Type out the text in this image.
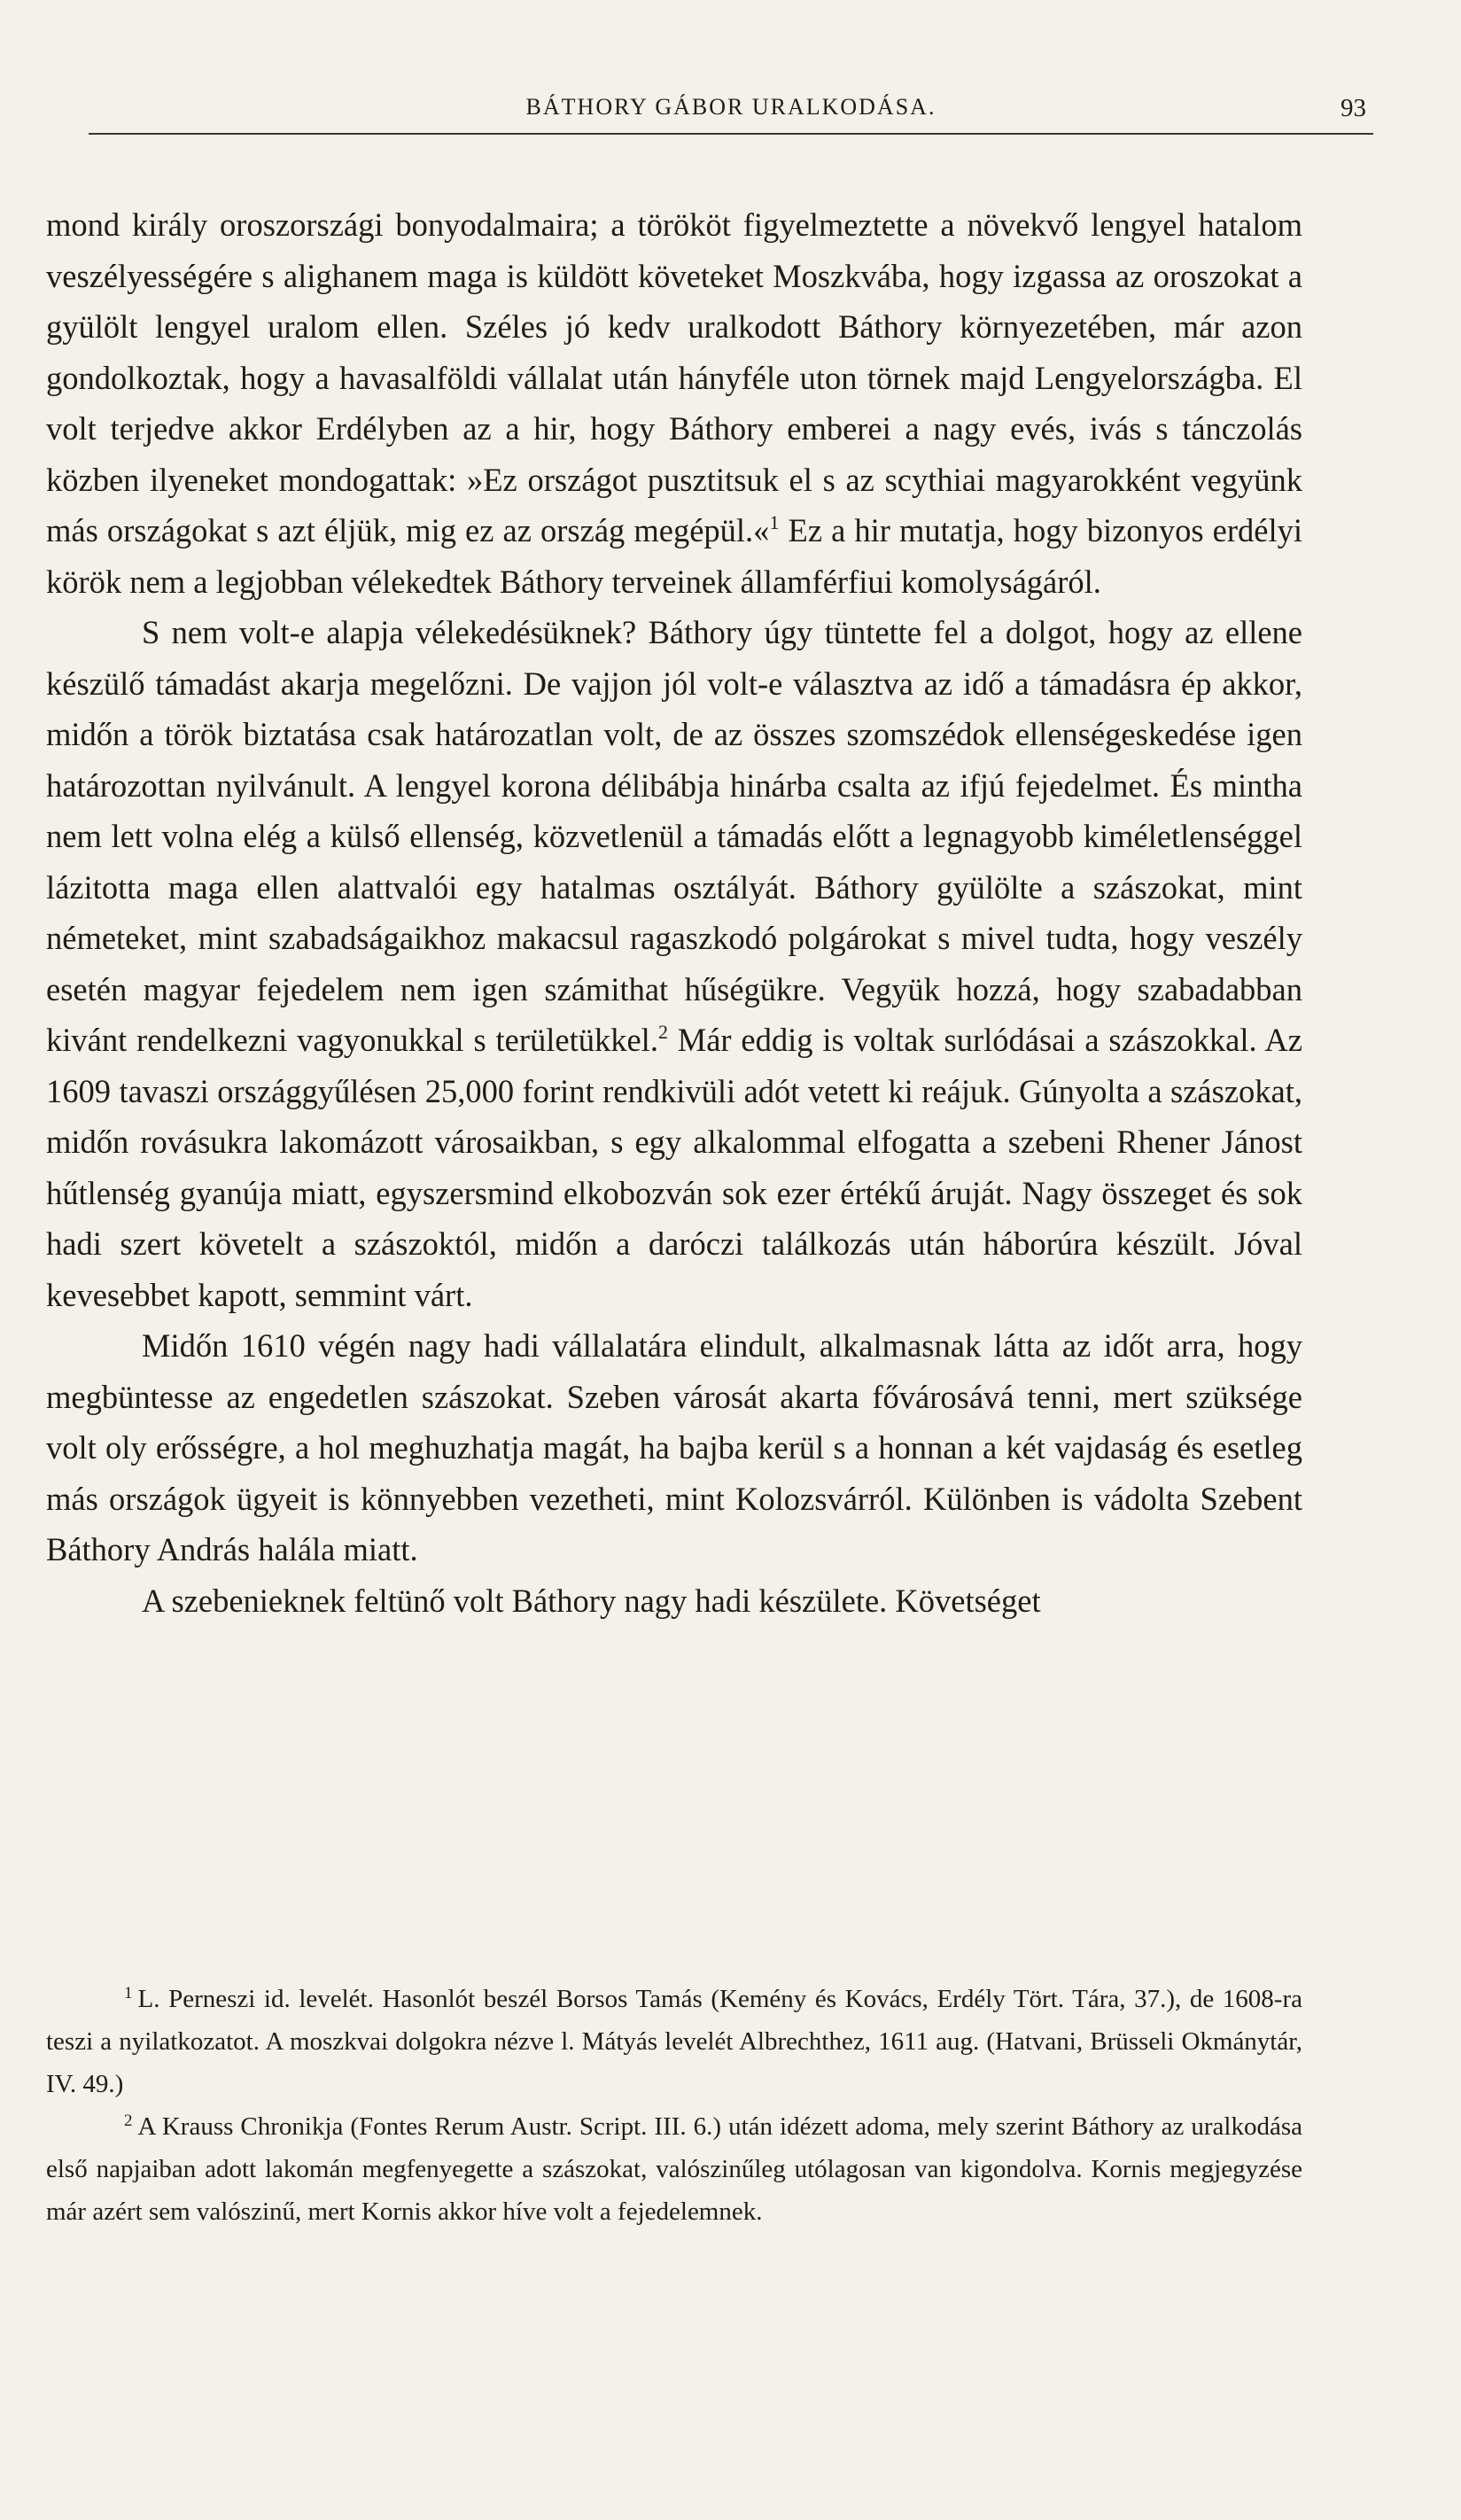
BÁTHORY GÁBOR URALKODÁSA.	93

mond király oroszországi bonyodalmaira; a törököt figyelmeztette a növekvő lengyel hatalom veszélyességére s alighanem maga is küldött követeket Moszkvába, hogy izgassa az oroszokat a gyülölt lengyel uralom ellen. Széles jó kedv uralkodott Báthory környezetében, már azon gondolkoztak, hogy a havasalföldi vállalat után hányféle uton törnek majd Lengyelországba. El volt terjedve akkor Erdélyben az a hir, hogy Báthory emberei a nagy evés, ivás s tánczolás közben ilyeneket mondogattak: »Ez országot pusztitsuk el s az scythiai magyarokként vegyünk más országokat s azt éljük, mig ez az ország megépül.«$^1$ Ez a hir mutatja, hogy bizonyos erdélyi körök nem a legjobban vélekedtek Báthory terveinek államférfiui komolyságáról.

S nem volt-e alapja vélekedésüknek? Báthory úgy tüntette fel a dolgot, hogy az ellene készülő támadást akarja megelőzni. De vajjon jól volt-e választva az idő a támadásra ép akkor, midőn a török biztatása csak határozatlan volt, de az összes szomszédok ellenségeskedése igen határozottan nyilvánult. A lengyel korona délibábja hinárba csalta az ifjú fejedelmet. És mintha nem lett volna elég a külső ellenség, közvetlenül a támadás előtt a legnagyobb kiméletlenséggel lázitotta maga ellen alattvalói egy hatalmas osztályát. Báthory gyülölte a szászokat, mint németeket, mint szabadságaikhoz makacsul ragaszkodó polgárokat s mivel tudta, hogy veszély esetén magyar fejedelem nem igen számithat hűségükre. Vegyük hozzá, hogy szabadabban kivánt rendelkezni vagyonukkal s területükkel.$^2$ Már eddig is voltak surlódásai a szászokkal. Az 1609 tavaszi országgyűlésen 25,000 forint rendkivüli adót vetett ki reájuk. Gúnyolta a szászokat, midőn rovásukra lakomázott városaikban, s egy alkalommal elfogatta a szebeni Rhener Jánost hűtlenség gyanúja miatt, egyszersmind elkobozván sok ezer értékű áruját. Nagy összeget és sok hadi szert követelt a szászoktól, midőn a daróczi találkozás után háborúra készült. Jóval kevesebbet kapott, semmint várt.

Midőn 1610 végén nagy hadi vállalatára elindult, alkalmasnak látta az időt arra, hogy megbüntesse az engedetlen szászokat. Szeben városát akarta fővárosává tenni, mert szüksége volt oly erősségre, a hol meghuzhatja magát, ha bajba kerül s a honnan a két vajdaság és esetleg más országok ügyeit is könnyebben vezetheti, mint Kolozsvárról. Különben is vádolta Szebent Báthory András halála miatt.

A szebenieknek feltünő volt Báthory nagy hadi készülete. Követséget

$^1$ L. Perneszi id. levelét. Hasonlót beszél Borsos Tamás (Kemény és Kovács, Erdély Tört. Tára, 37.), de 1608-ra teszi a nyilatkozatot. A moszkvai dolgokra nézve l. Mátyás levelét Albrechthez, 1611 aug. (Hatvani, Brüsseli Okmánytár, IV. 49.)

$^2$ A Krauss Chronikja (Fontes Rerum Austr. Script. III. 6.) után idézett adoma, mely szerint Báthory az uralkodása első napjaiban adott lakomán megfenyegette a szászokat, valószinűleg utólagosan van kigondolva. Kornis megjegyzése már azért sem valószinű, mert Kornis akkor híve volt a fejedelemnek.
